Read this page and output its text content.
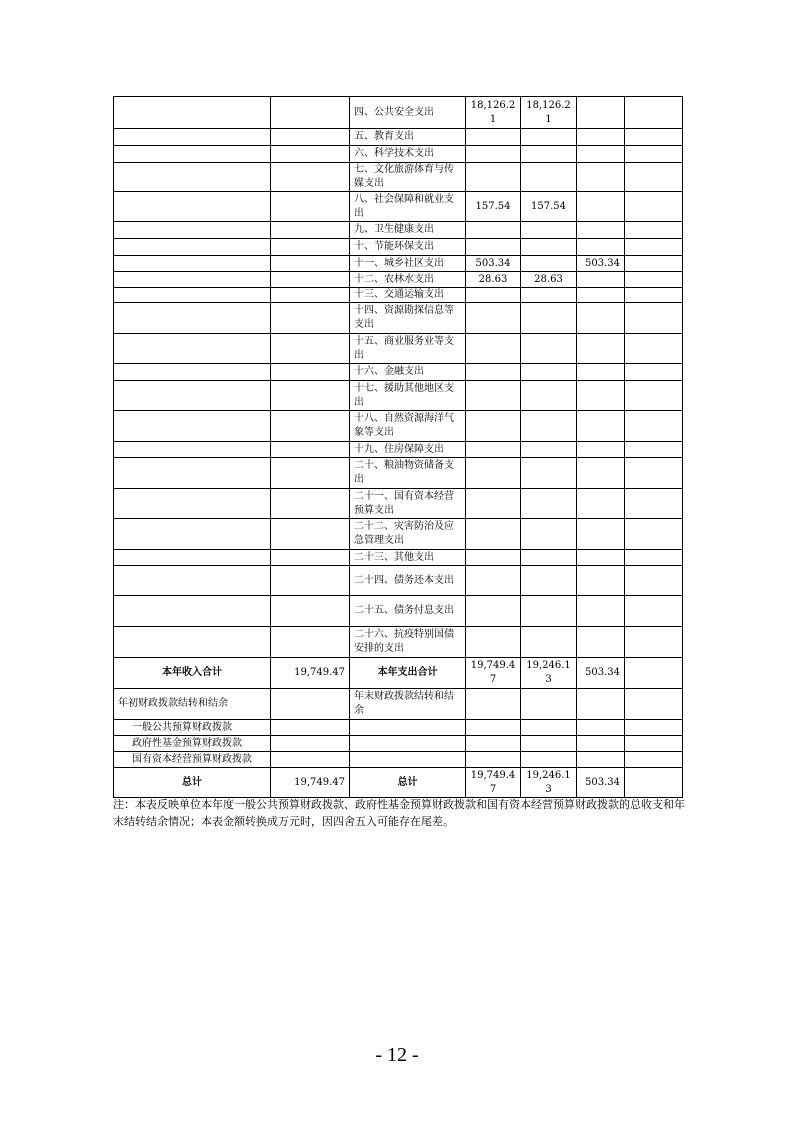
		四、公共安全支出	18,126.21	18,126.21		
		五、教育支出				
		六、科学技术支出				
		七、文化旅游体育与传媒支出				
		八、社会保障和就业支出	157.54	157.54		
		九、卫生健康支出				
		十、节能环保支出				
		十一、城乡社区支出	503.34		503.34	
		十二、农林水支出	28.63	28.63		
		十三、交通运输支出				
		十四、资源勘探信息等支出				
		十五、商业服务业等支出				
		十六、金融支出				
		十七、援助其他地区支出				
		十八、自然资源海洋气象等支出				
		十九、住房保障支出				
		二十、粮油物资储备支出				
		二十一、国有资本经营预算支出				
		二十二、灾害防治及应急管理支出				
		二十三、其他支出				
		二十四、债务还本支出				
		二十五、债务付息支出				
		二十六、抗疫特别国债安排的支出				
本年收入合计	19,749.47	本年支出合计	19,749.47	19,246.13	503.34	
年初财政拨款结转和结余		年末财政拨款结转和结余				
一般公共预算财政拨款						
政府性基金预算财政拨款						
国有资本经营预算财政拨款						
总计	19,749.47	总计	19,749.47	19,246.13	503.34	
注：本表反映单位本年度一般公共预算财政拨款、政府性基金预算财政拨款和国有资本经营预算财政拨款的总收支和年末结转结余情况；本表金额转换成万元时，因四舍五入可能存在尾差。
- 12 -
